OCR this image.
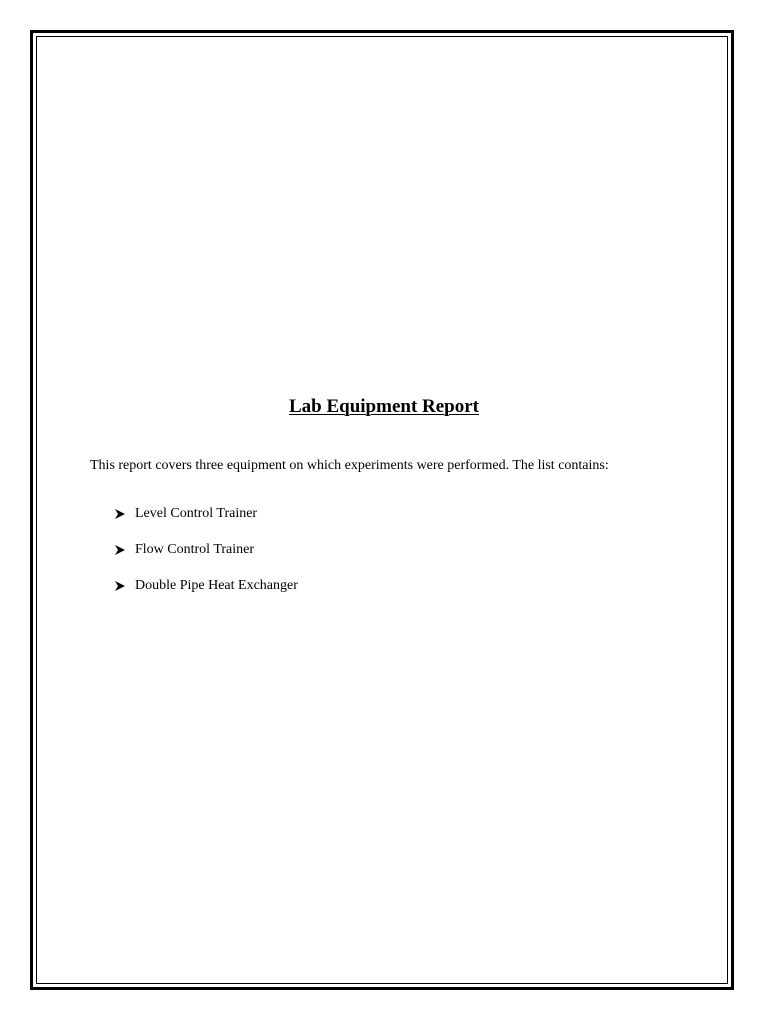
Lab Equipment Report

This report covers three equipment on which experiments were performed. The list contains:

Level Control Trainer
Flow Control Trainer
Double Pipe Heat Exchanger
